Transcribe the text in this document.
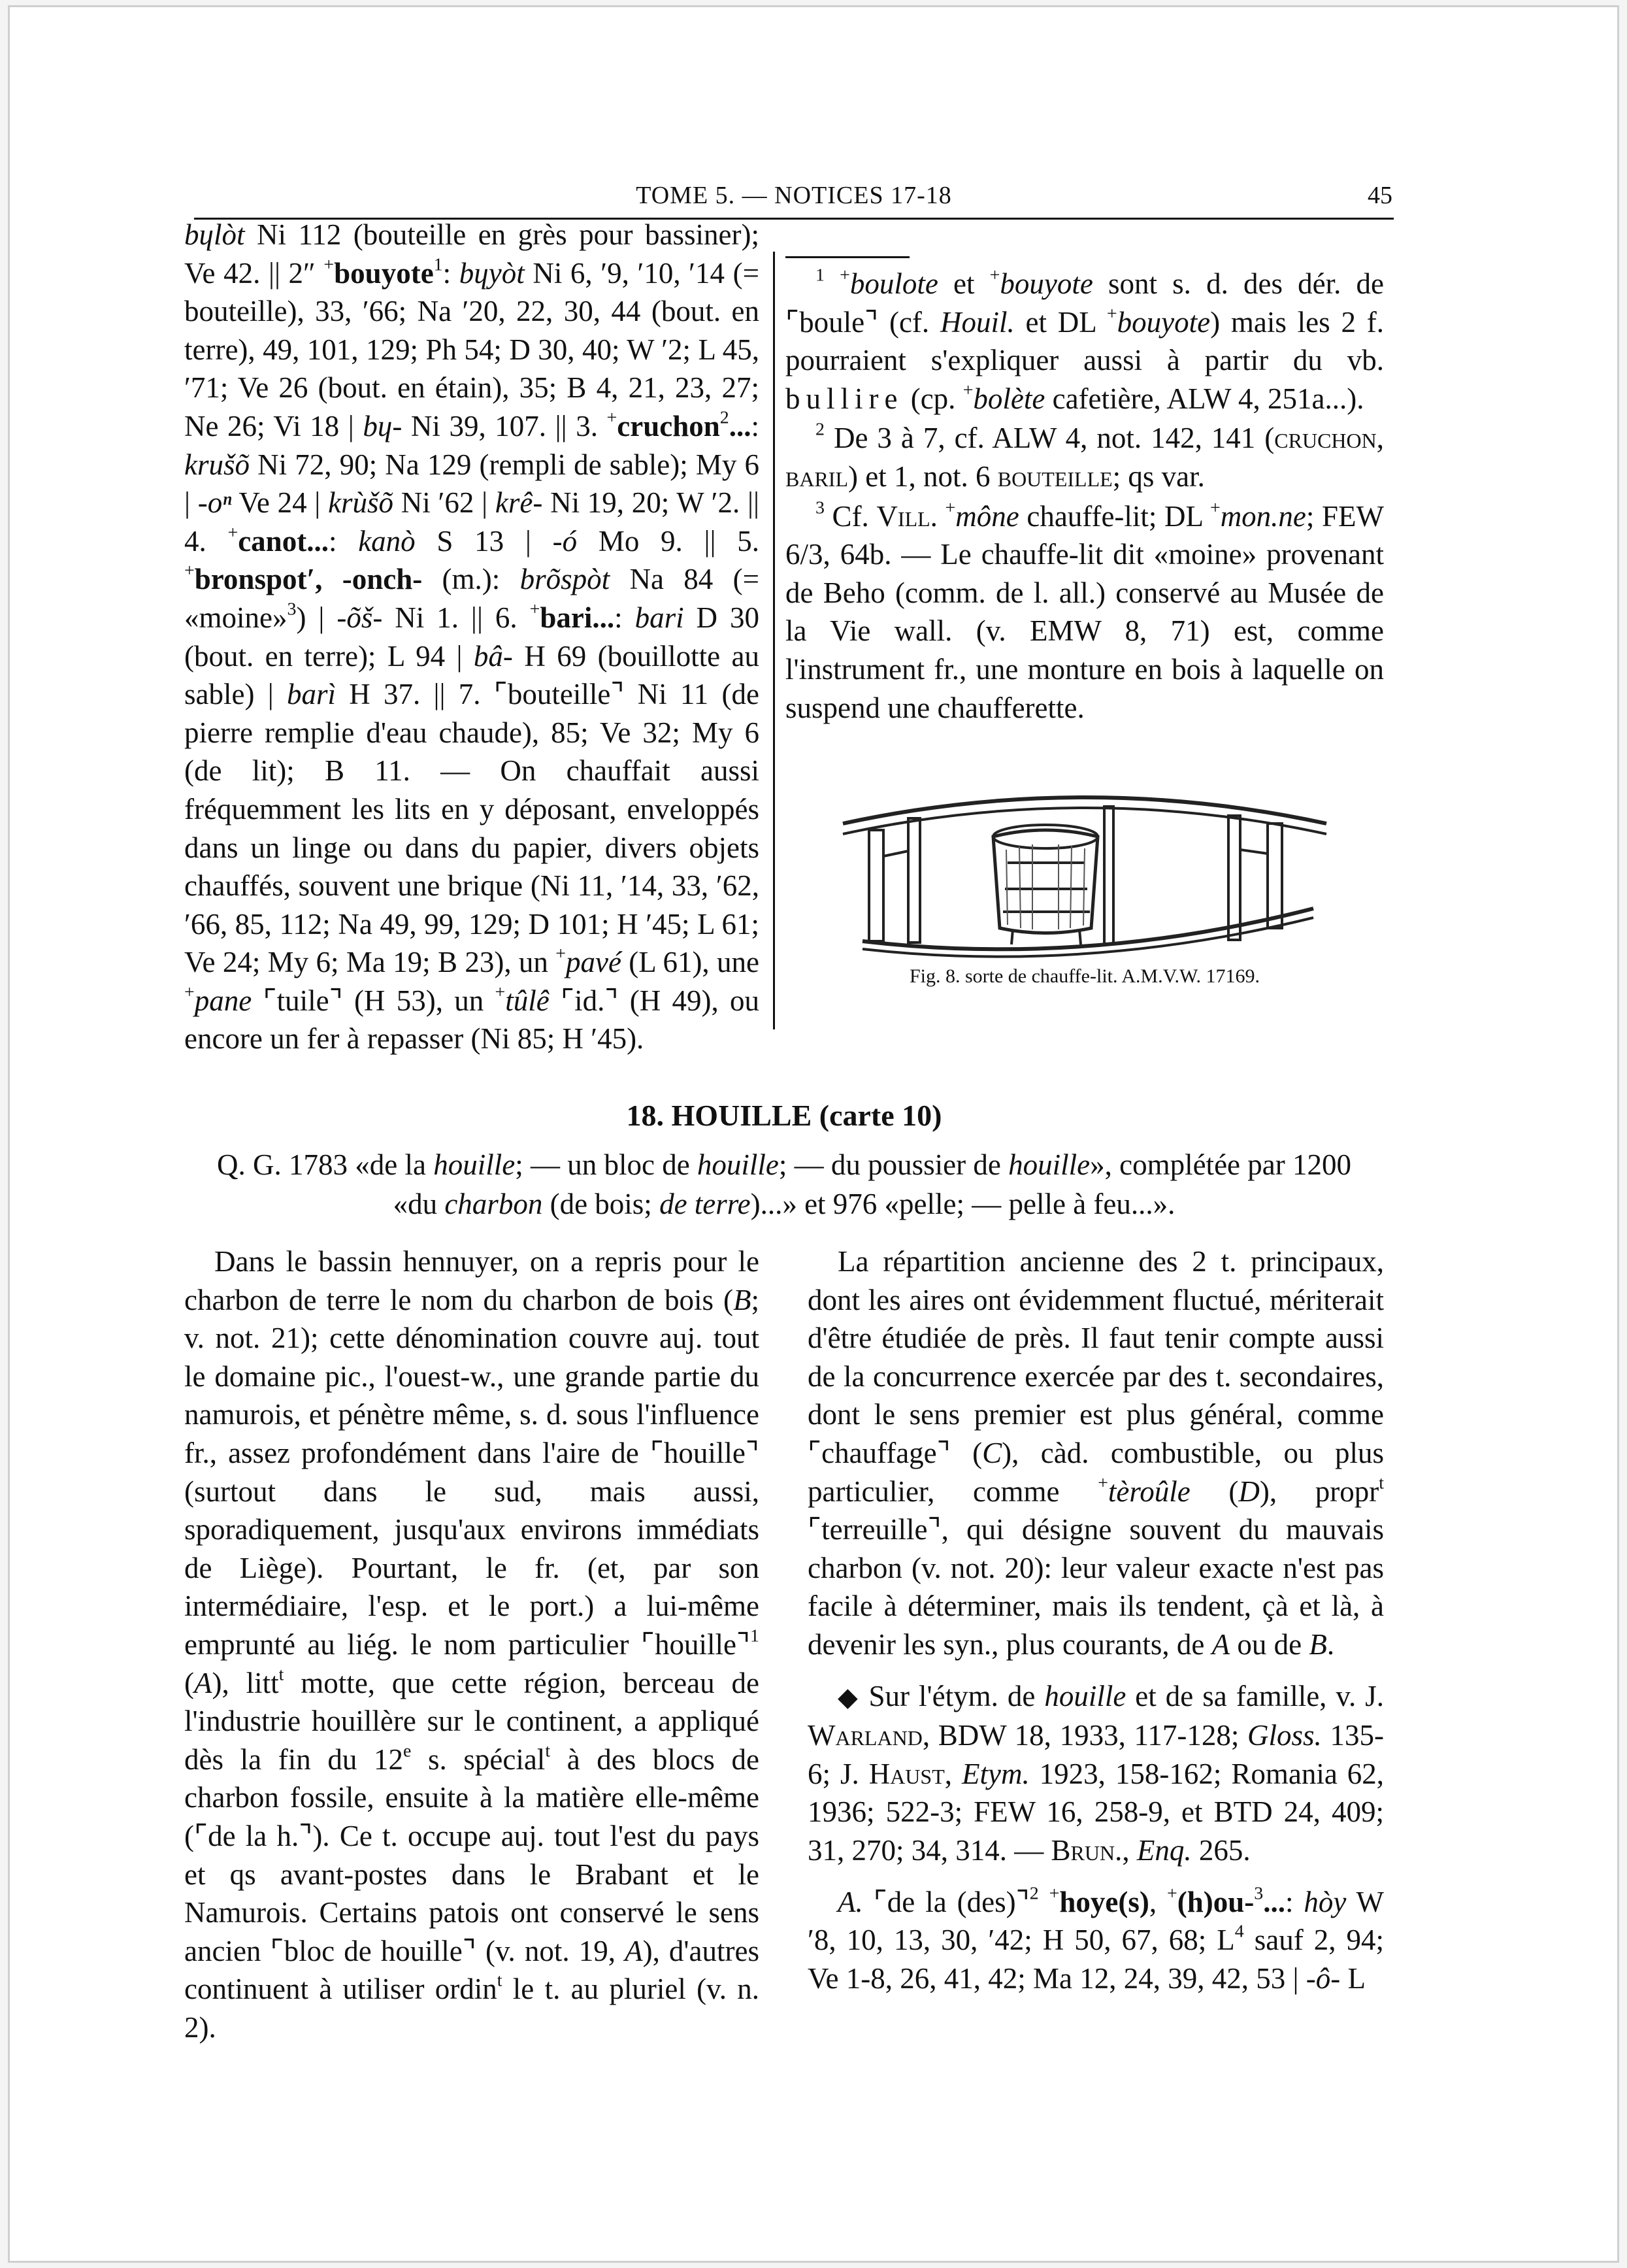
TOME 5. — NOTICES 17-18	45

bɥlòt Ni 112 (bouteille en grès pour bassiner); Ve 42. || 2″ +bouyote$^1$: bɥyòt Ni 6, ′9, ′10, ′14 (= bouteille), 33, ′66; Na ′20, 22, 30, 44 (bout. en terre), 49, 101, 129; Ph 54; D 30, 40; W ′2; L 45, ′71; Ve 26 (bout. en étain), 35; B 4, 21, 23, 27; Ne 26; Vi 18 | bɥ- Ni 39, 107. || 3. +cruchon$^2$...: krušõ Ni 72, 90; Na 129 (rempli de sable); My 6 | -oⁿ Ve 24 | krùšõ Ni ′62 | krê- Ni 19, 20; W ′2. || 4. +canot...: kanò S 13 | -ó Mo 9. || 5. +bronspot′, -onch- (m.): brõspòt Na 84 (= «moine»$^3$) | -õš- Ni 1. || 6. +bari...: bari D 30 (bout. en terre); L 94 | bâ- H 69 (bouillotte au sable) | barì H 37. || 7. ⌜bouteille⌝ Ni 11 (de pierre remplie d'eau chaude), 85; Ve 32; My 6 (de lit); B 11. — On chauffait aussi fréquemment les lits en y déposant, enveloppés dans un linge ou dans du papier, divers objets chauffés, souvent une brique (Ni 11, ′14, 33, ′62, ′66, 85, 112; Na 49, 99, 129; D 101; H ′45; L 61; Ve 24; My 6; Ma 19; B 23), un +pavé (L 61), une +pane ⌜tuile⌝ (H 53), un +tûlê ⌜id.⌝ (H 49), ou encore un fer à repasser (Ni 85; H ′45).

$^1$ +boulote et +bouyote sont s. d. des dér. de ⌜boule⌝ (cf. Houil. et DL +bouyote) mais les 2 f. pourraient s'expliquer aussi à partir du vb. bullire (cp. +bolète cafetière, ALW 4, 251a...).

$^2$ De 3 à 7, cf. ALW 4, not. 142, 141 (cruchon, baril) et 1, not. 6 bouteille; qs var.

$^3$ Cf. Vill. +mône chauffe-lit; DL +mon.ne; FEW 6/3, 64b. — Le chauffe-lit dit «moine» provenant de Beho (comm. de l. all.) conservé au Musée de la Vie wall. (v. EMW 8, 71) est, comme l'instrument fr., une monture en bois à laquelle on suspend une chaufferette.

Fig. 8. sorte de chauffe-lit. A.M.V.W. 17169.
18. HOUILLE (carte 10)
Q. G. 1783 «de la houille; — un bloc de houille; — du poussier de houille», complétée par 1200
«du charbon (de bois; de terre)...» et 976 «pelle; — pelle à feu...».

Dans le bassin hennuyer, on a repris pour le charbon de terre le nom du charbon de bois (B; v. not. 21); cette dénomination couvre auj. tout le domaine pic., l'ouest-w., une grande partie du namurois, et pénètre même, s. d. sous l'influence fr., assez profondément dans l'aire de ⌜houille⌝ (surtout dans le sud, mais aussi, sporadiquement, jusqu'aux environs immédiats de Liège). Pourtant, le fr. (et, par son intermédiaire, l'esp. et le port.) a lui-même emprunté au liég. le nom particulier ⌜houille⌝$^1$ (A), litt$^t$ motte, que cette région, berceau de l'industrie houillère sur le continent, a appliqué dès la fin du 12e s. spécial$^t$ à des blocs de charbon fossile, ensuite à la matière elle-même (⌜de la h.⌝). Ce t. occupe auj. tout l'est du pays et qs avant-postes dans le Brabant et le Namurois. Certains patois ont conservé le sens ancien ⌜bloc de houille⌝ (v. not. 19, A), d'autres continuent à utiliser ordin$^t$ le t. au pluriel (v. n. 2).

La répartition ancienne des 2 t. principaux, dont les aires ont évidemment fluctué, mériterait d'être étudiée de près. Il faut tenir compte aussi de la concurrence exercée par des t. secondaires, dont le sens premier est plus général, comme ⌜chauffage⌝ (C), càd. combustible, ou plus particulier, comme +tèroûle (D), propr$^t$ ⌜terreuille⌝, qui désigne souvent du mauvais charbon (v. not. 20): leur valeur exacte n'est pas facile à déterminer, mais ils tendent, çà et là, à devenir les syn., plus courants, de A ou de B.

◆ Sur l'étym. de houille et de sa famille, v. J. Warland, BDW 18, 1933, 117-128; Gloss. 135-6; J. Haust, Etym. 1923, 158-162; Romania 62, 1936; 522-3; FEW 16, 258-9, et BTD 24, 409; 31, 270; 34, 314. — Brun., Enq. 265.

A. ⌜de la (des)⌝$^2$ +hoye(s), +(h)ou-$^3$...: hòy W ′8, 10, 13, 30, ′42; H 50, 67, 68; $L^4$ sauf 2, 94; Ve 1-8, 26, 41, 42; Ma 12, 24, 39, 42, 53 | -ô- L
